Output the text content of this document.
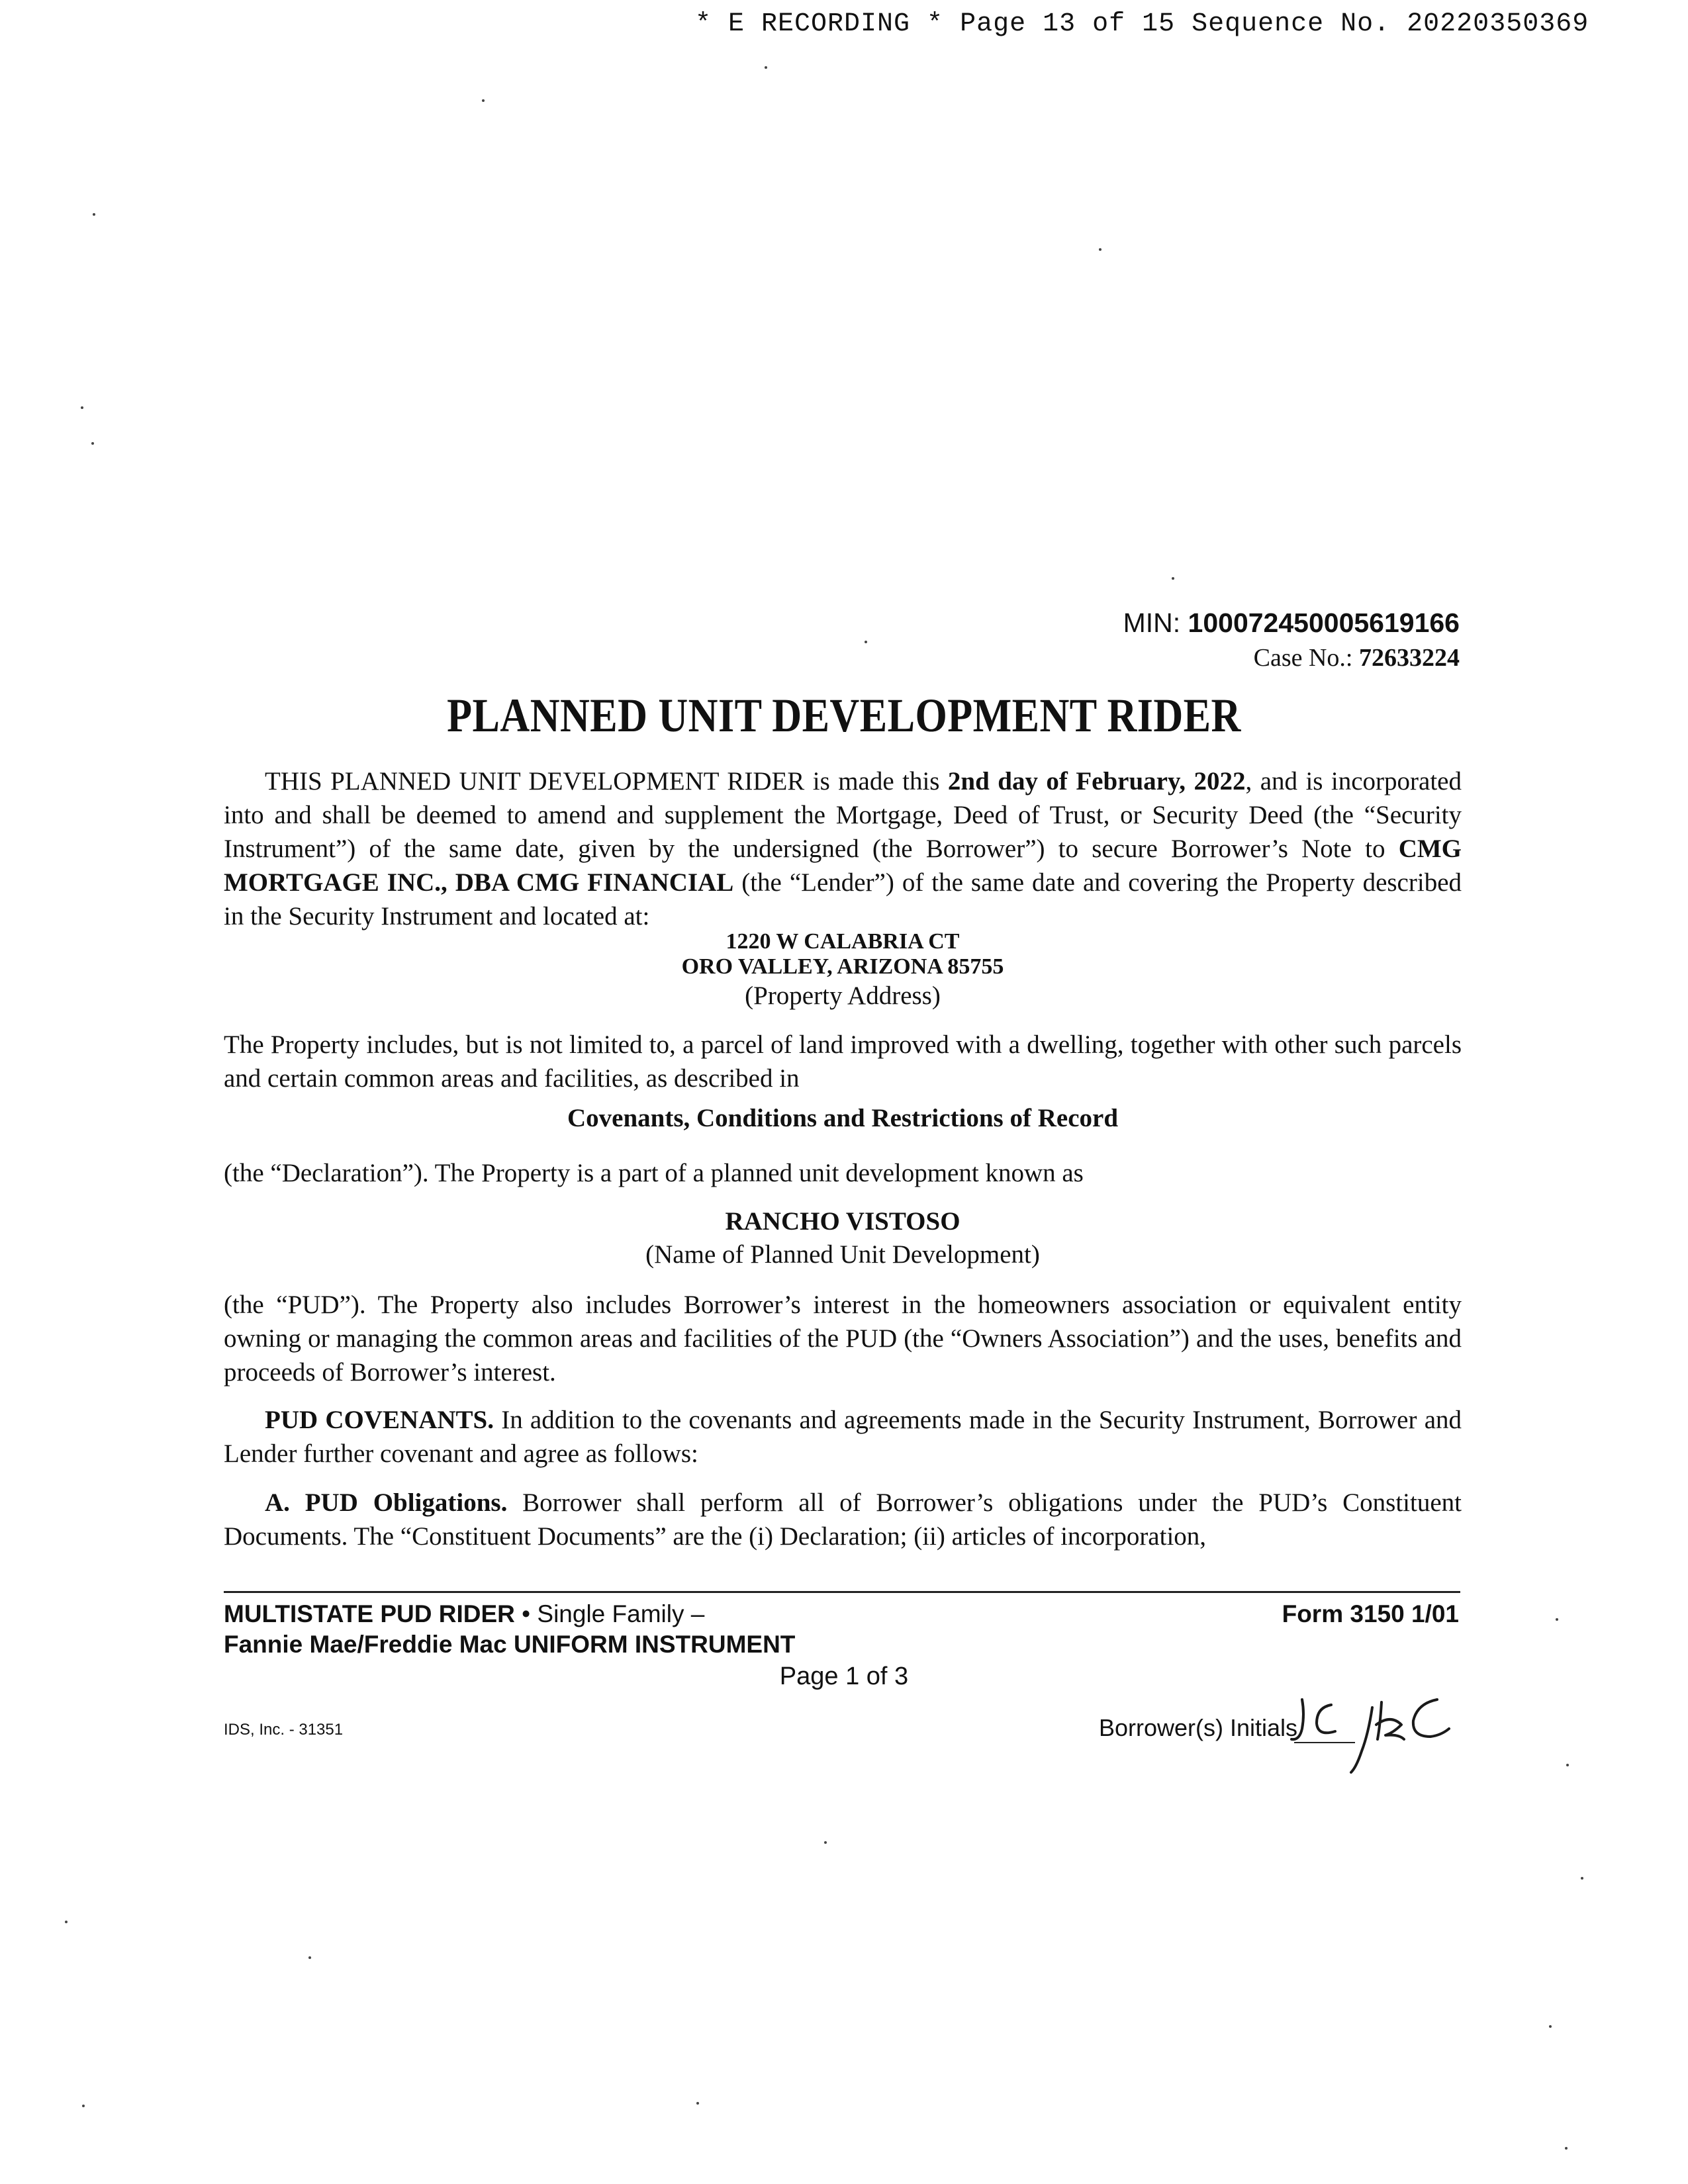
* E RECORDING * Page 13 of 15 Sequence No. 20220350369
MIN: 100072450005619166
Case No.: 72633224
PLANNED UNIT DEVELOPMENT RIDER
THIS PLANNED UNIT DEVELOPMENT RIDER is made this 2nd day of February, 2022, and is incorporated into and shall be deemed to amend and supplement the Mortgage, Deed of Trust, or Security Deed (the “Security Instrument”) of the same date, given by the undersigned (the Borrower”) to secure Borrower’s Note to CMG MORTGAGE INC., DBA CMG FINANCIAL (the “Lender”) of the same date and covering the Property described in the Security Instrument and located at:
1220 W CALABRIA CT
ORO VALLEY, ARIZONA 85755
(Property Address)
The Property includes, but is not limited to, a parcel of land improved with a dwelling, together with other such parcels and certain common areas and facilities, as described in
Covenants, Conditions and Restrictions of Record
(the “Declaration”). The Property is a part of a planned unit development known as
RANCHO VISTOSO
(Name of Planned Unit Development)
(the “PUD”). The Property also includes Borrower’s interest in the homeowners association or equivalent entity owning or managing the common areas and facilities of the PUD (the “Owners Association”) and the uses, benefits and proceeds of Borrower’s interest.
PUD COVENANTS. In addition to the covenants and agreements made in the Security Instrument, Borrower and Lender further covenant and agree as follows:
A. PUD Obligations. Borrower shall perform all of Borrower’s obligations under the PUD’s Constituent Documents. The “Constituent Documents” are the (i) Declaration; (ii) articles of incorporation,
MULTISTATE PUD RIDER • Single Family –
Fannie Mae/Freddie Mac UNIFORM INSTRUMENT
Form 3150 1/01
Page 1 of 3
IDS, Inc. - 31351	Borrower(s) Initials
